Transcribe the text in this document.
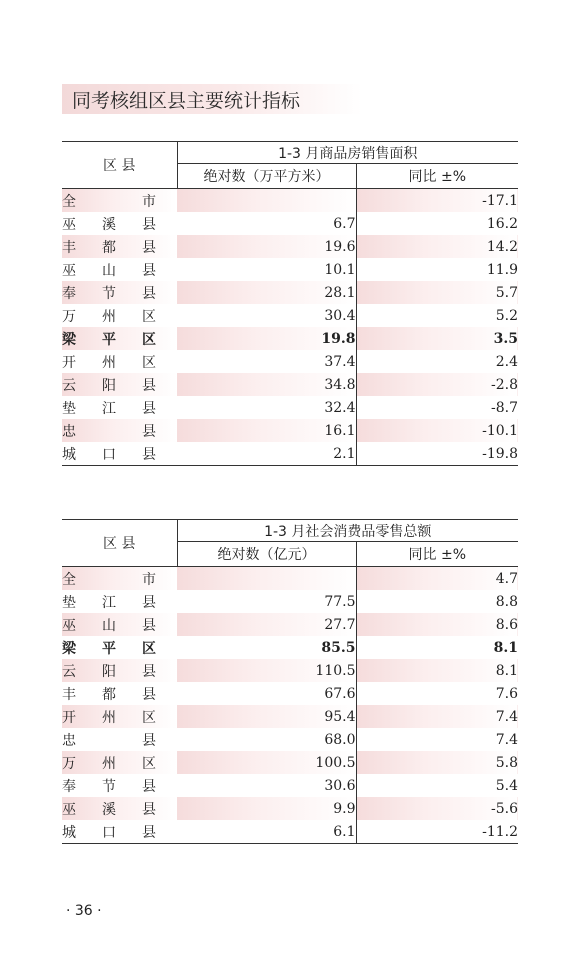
同考核组区县主要统计指标
区 县	1-3 月商品房销售面积	
	绝对数（万平方米）	同比 ±%

全 市		-17.1

巫 溪 县	6.7	16.2

丰 都 县	19.6	14.2

巫 山 县	10.1	11.9

奉 节 县	28.1	5.7

万 州 区	30.4	5.2

梁 平 区	19.8	3.5

开 州 区	37.4	2.4

云 阳 县	34.8	-2.8

垫 江 县	32.4	-8.7

忠 县	16.1	-10.1

城 口 县	2.1	-19.8
区 县	1-3 月社会消费品零售总额	
	绝对数（亿元）	同比 ±%

全 市		4.7

垫 江 县	77.5	8.8

巫 山 县	27.7	8.6

梁 平 区	85.5	8.1

云 阳 县	110.5	8.1

丰 都 县	67.6	7.6

开 州 区	95.4	7.4

忠 县	68.0	7.4

万 州 区	100.5	5.8

奉 节 县	30.6	5.4

巫 溪 县	9.9	-5.6

城 口 县	6.1	-11.2
· 36 ·
